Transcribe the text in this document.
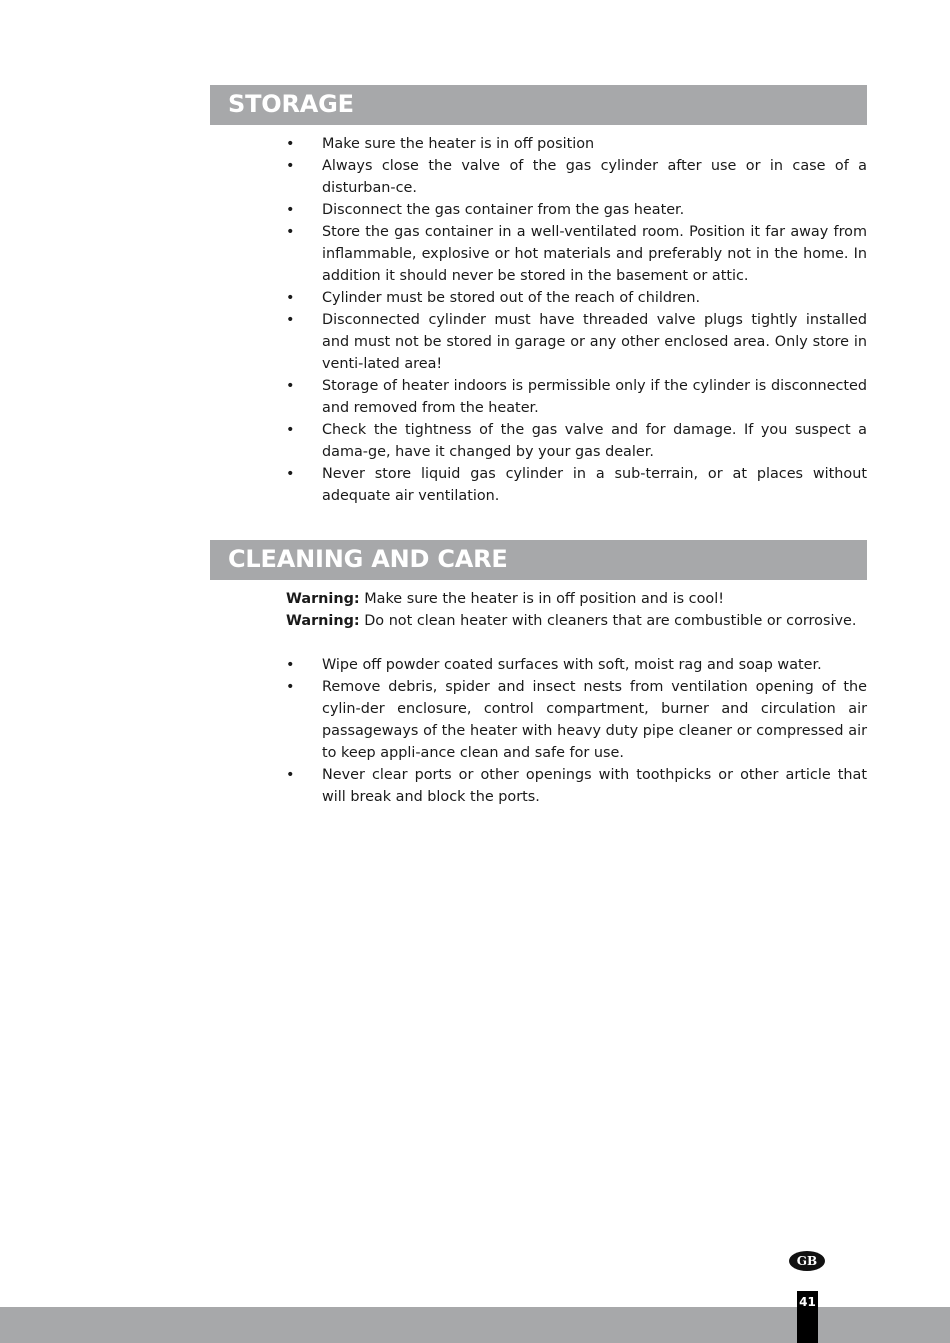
STORAGE
• Make sure the heater is in off position
• Always close the valve of the gas cylinder after use or in case of a disturban-ce.
• Disconnect the gas container from the gas heater.
• Store the gas container in a well-ventilated room. Position it far away from inflammable, explosive or hot materials and preferably not in the home. In addition it should never be stored in the basement or attic.
• Cylinder must be stored out of the reach of children.
• Disconnected cylinder must have threaded valve plugs tightly installed and must not be stored in garage or any other enclosed area. Only store in venti-lated area!
• Storage of heater indoors is permissible only if the cylinder is disconnected and removed from the heater.
• Check the tightness of the gas valve and for damage. If you suspect a dama-ge, have it changed by your gas dealer.
• Never store liquid gas cylinder in a sub-terrain, or at places without adequate air ventilation.
CLEANING AND CARE

Warning: Make sure the heater is in off position and is cool!

Warning: Do not clean heater with cleaners that are combustible or corrosive.

• Wipe off powder coated surfaces with soft, moist rag and soap water.
• Remove debris, spider and insect nests from ventilation opening of the cylin-der enclosure, control compartment, burner and circulation air passageways of the heater with heavy duty pipe cleaner or compressed air to keep appli-ance clean and safe for use.
• Never clear ports or other openings with toothpicks or other article that will break and block the ports.
GB
41
